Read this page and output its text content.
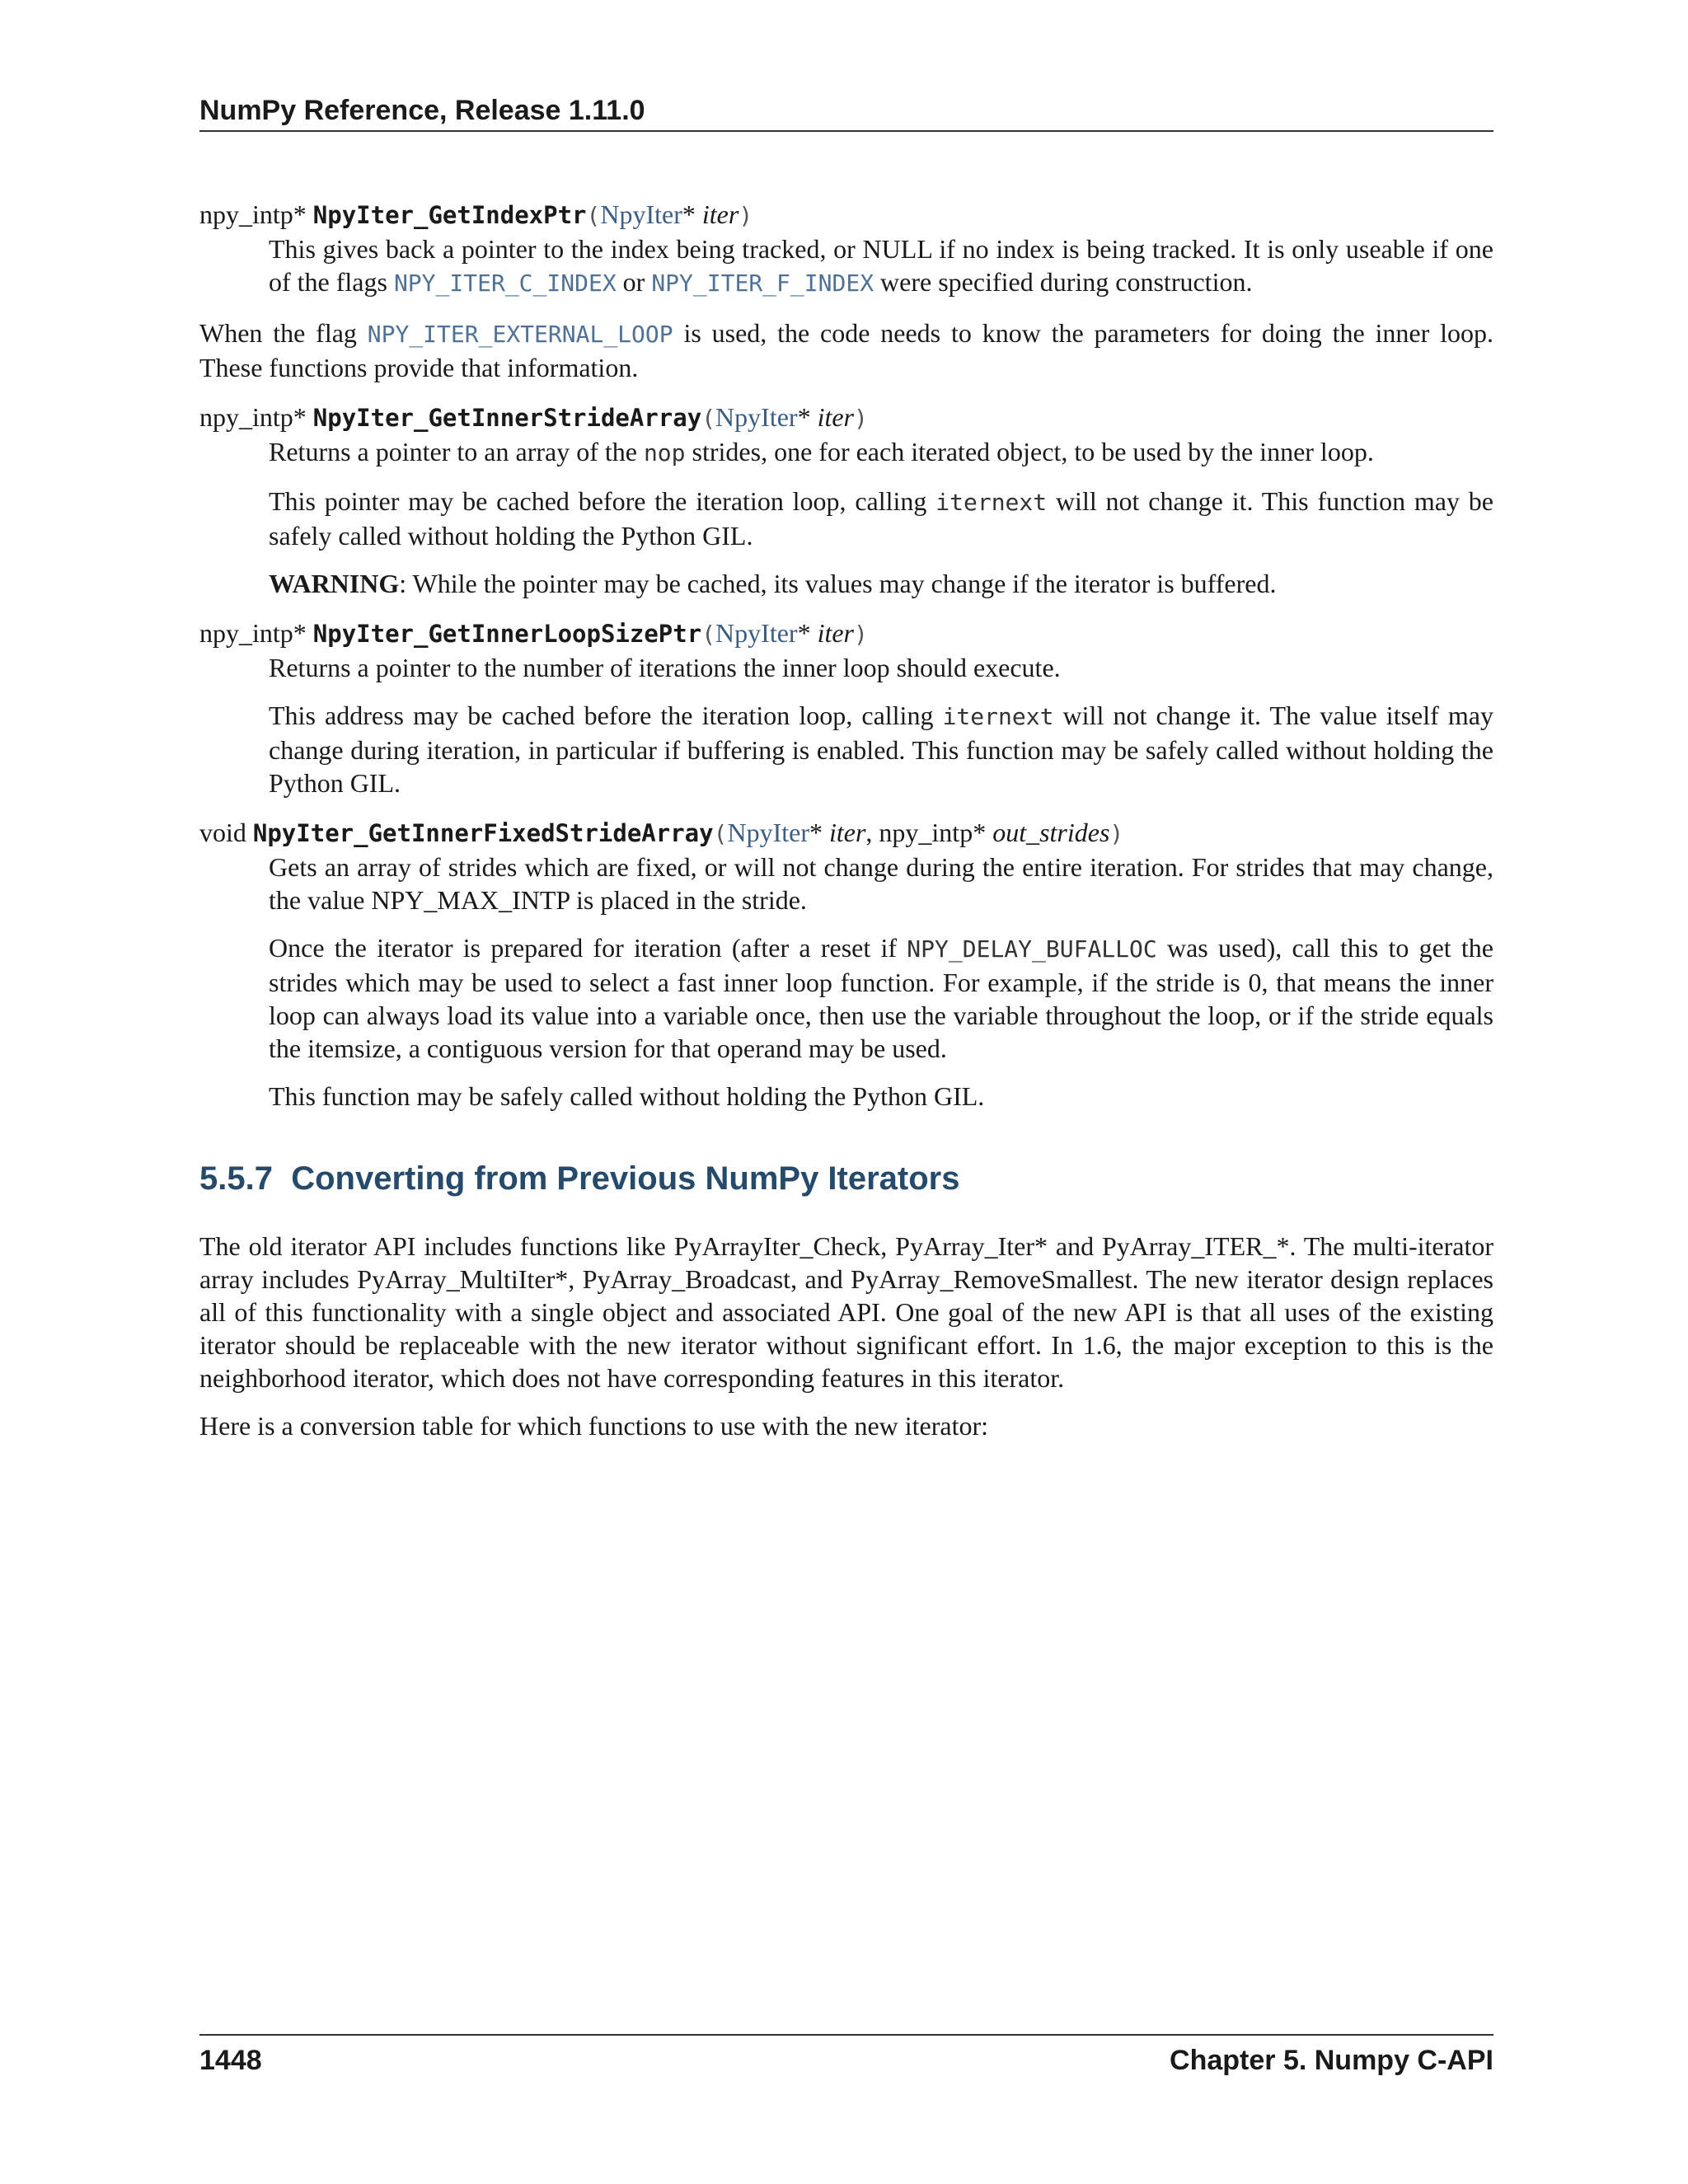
NumPy Reference, Release 1.11.0

npy_intp* NpyIter_GetIndexPtr(NpyIter* iter)

This gives back a pointer to the index being tracked, or NULL if no index is being tracked. It is only useable if one of the flags NPY_ITER_C_INDEX or NPY_ITER_F_INDEX were specified during construction.

When the flag NPY_ITER_EXTERNAL_LOOP is used, the code needs to know the parameters for doing the inner loop. These functions provide that information.

npy_intp* NpyIter_GetInnerStrideArray(NpyIter* iter)

Returns a pointer to an array of the nop strides, one for each iterated object, to be used by the inner loop.

This pointer may be cached before the iteration loop, calling iternext will not change it. This function may be safely called without holding the Python GIL.

WARNING: While the pointer may be cached, its values may change if the iterator is buffered.

npy_intp* NpyIter_GetInnerLoopSizePtr(NpyIter* iter)

Returns a pointer to the number of iterations the inner loop should execute.

This address may be cached before the iteration loop, calling iternext will not change it. The value itself may change during iteration, in particular if buffering is enabled. This function may be safely called without holding the Python GIL.

void NpyIter_GetInnerFixedStrideArray(NpyIter* iter, npy_intp* out_strides)

Gets an array of strides which are fixed, or will not change during the entire iteration. For strides that may change, the value NPY_MAX_INTP is placed in the stride.

Once the iterator is prepared for iteration (after a reset if NPY_DELAY_BUFALLOC was used), call this to get the strides which may be used to select a fast inner loop function. For example, if the stride is 0, that means the inner loop can always load its value into a variable once, then use the variable throughout the loop, or if the stride equals the itemsize, a contiguous version for that operand may be used.

This function may be safely called without holding the Python GIL.

5.5.7 Converting from Previous NumPy Iterators

The old iterator API includes functions like PyArrayIter_Check, PyArray_Iter* and PyArray_ITER_*. The multi-iterator array includes PyArray_MultiIter*, PyArray_Broadcast, and PyArray_RemoveSmallest. The new iterator design replaces all of this functionality with a single object and associated API. One goal of the new API is that all uses of the existing iterator should be replaceable with the new iterator without significant effort. In 1.6, the major exception to this is the neighborhood iterator, which does not have corresponding features in this iterator.

Here is a conversion table for which functions to use with the new iterator:

1448	Chapter 5. Numpy C-API
